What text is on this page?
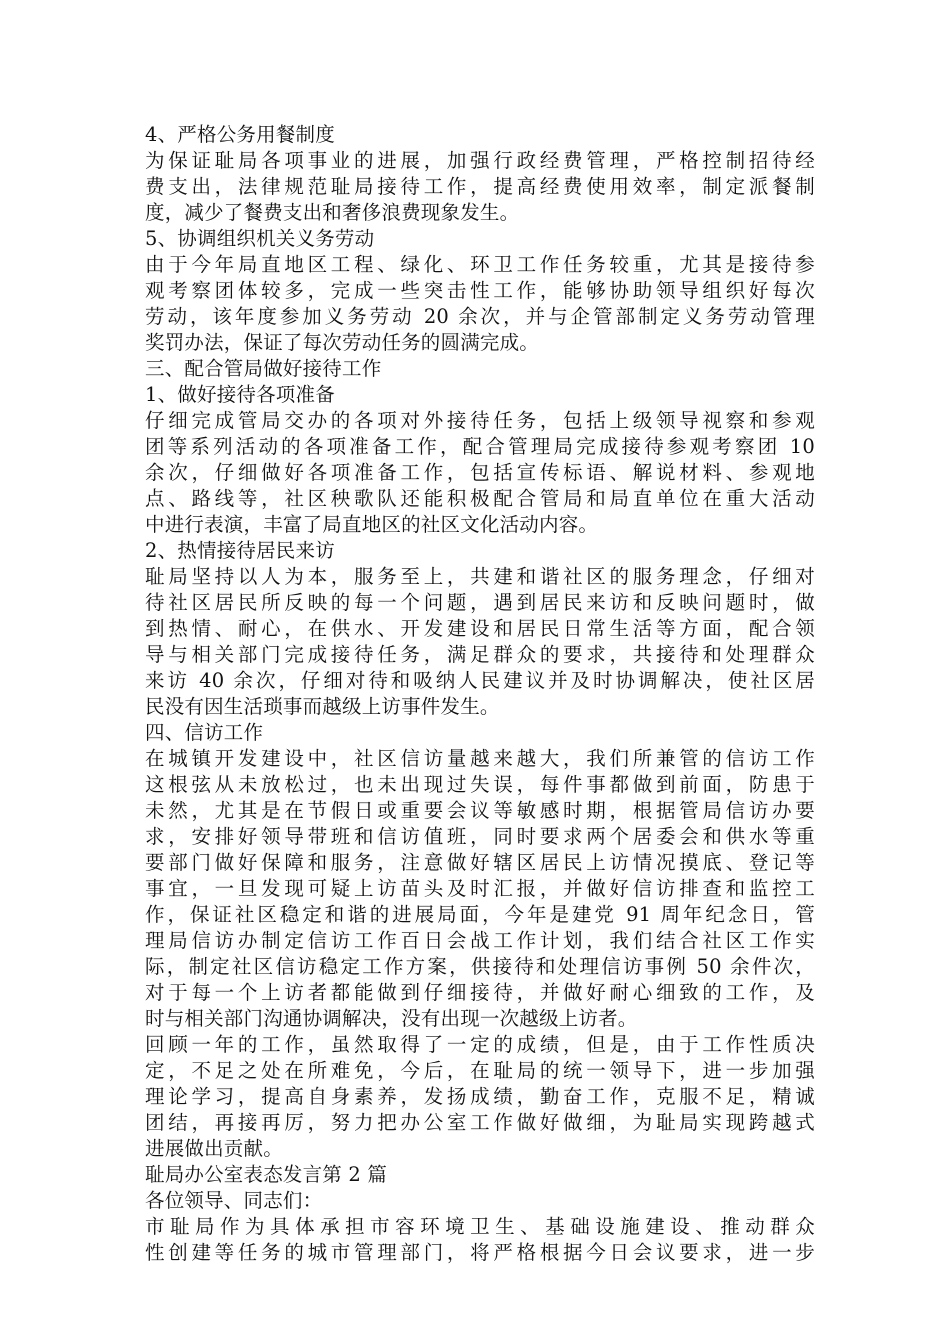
4、严格公务用餐制度
为保证耻局各项事业的进展，加强行政经费管理，严格控制招待经
费支出，法律规范耻局接待工作，提高经费使用效率，制定派餐制
度，减少了餐费支出和奢侈浪费现象发生。
5、协调组织机关义务劳动
由于今年局直地区工程、绿化、环卫工作任务较重，尤其是接待参
观考察团体较多，完成一些突击性工作，能够协助领导组织好每次
劳动，该年度参加义务劳动 20 余次，并与企管部制定义务劳动管理
奖罚办法，保证了每次劳动任务的圆满完成。
三、配合管局做好接待工作
1、做好接待各项准备
仔细完成管局交办的各项对外接待任务，包括上级领导视察和参观
团等系列活动的各项准备工作，配合管理局完成接待参观考察团 10
余次，仔细做好各项准备工作，包括宣传标语、解说材料、参观地
点、路线等，社区秧歌队还能积极配合管局和局直单位在重大活动
中进行表演，丰富了局直地区的社区文化活动内容。
2、热情接待居民来访
耻局坚持以人为本，服务至上，共建和谐社区的服务理念，仔细对
待社区居民所反映的每一个问题，遇到居民来访和反映问题时，做
到热情、耐心，在供水、开发建设和居民日常生活等方面，配合领
导与相关部门完成接待任务，满足群众的要求，共接待和处理群众
来访 40 余次，仔细对待和吸纳人民建议并及时协调解决，使社区居
民没有因生活琐事而越级上访事件发生。
四、信访工作
在城镇开发建设中，社区信访量越来越大，我们所兼管的信访工作
这根弦从未放松过，也未出现过失误，每件事都做到前面，防患于
未然，尤其是在节假日或重要会议等敏感时期，根据管局信访办要
求，安排好领导带班和信访值班，同时要求两个居委会和供水等重
要部门做好保障和服务，注意做好辖区居民上访情况摸底、登记等
事宜，一旦发现可疑上访苗头及时汇报，并做好信访排查和监控工
作，保证社区稳定和谐的进展局面，今年是建党 91 周年纪念日，管
理局信访办制定信访工作百日会战工作计划，我们结合社区工作实
际，制定社区信访稳定工作方案，供接待和处理信访事例 50 余件次，
对于每一个上访者都能做到仔细接待，并做好耐心细致的工作，及
时与相关部门沟通协调解决，没有出现一次越级上访者。
回顾一年的工作，虽然取得了一定的成绩，但是，由于工作性质决
定，不足之处在所难免，今后，在耻局的统一领导下，进一步加强
理论学习，提高自身素养，发扬成绩，勤奋工作，克服不足，精诚
团结，再接再厉，努力把办公室工作做好做细，为耻局实现跨越式
进展做出贡献。
耻局办公室表态发言第 2 篇
各位领导、同志们：
市耻局作为具体承担市容环境卫生、基础设施建设、推动群众
性创建等任务的城市管理部门，将严格根据今日会议要求，进一步
